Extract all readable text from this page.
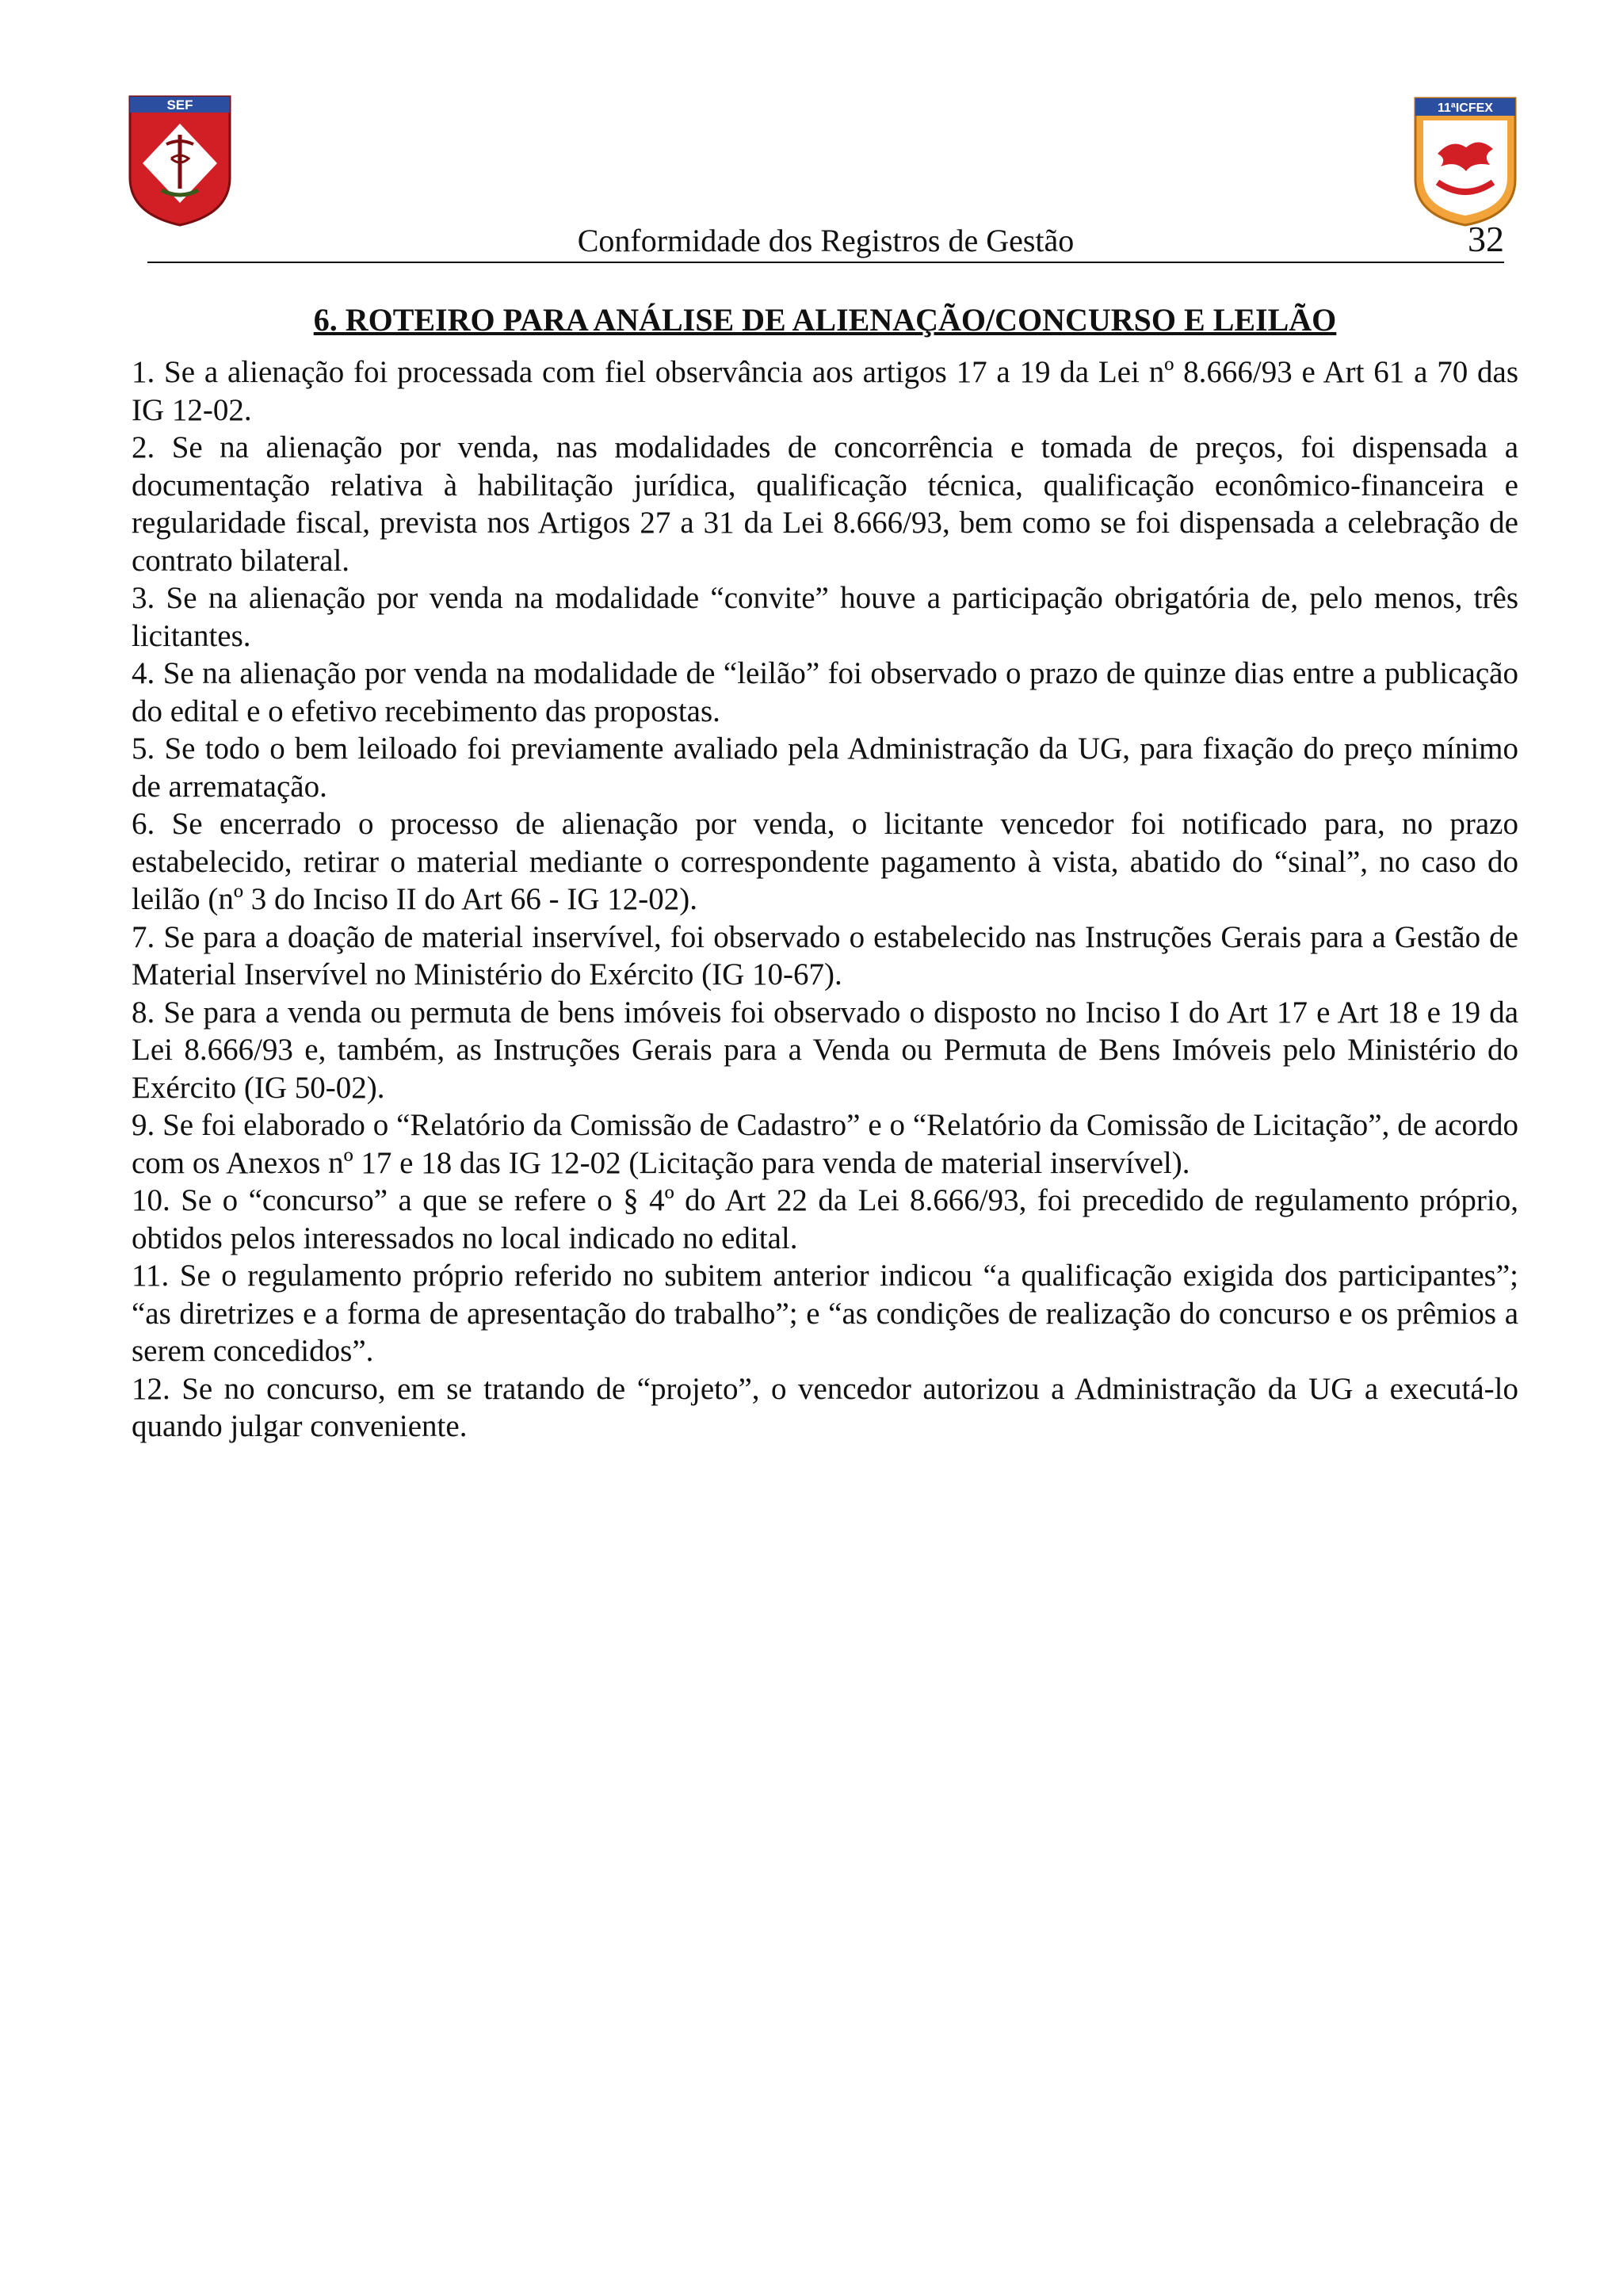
SEF	11ªICFEX
Conformidade dos Registros de Gestão	32
6. ROTEIRO PARA ANÁLISE DE ALIENAÇÃO/CONCURSO E LEILÃO

1. Se a alienação foi processada com fiel observância aos artigos 17 a 19 da Lei nº 8.666/93 e Art 61 a 70 das IG 12-02.

2. Se na alienação por venda, nas modalidades de concorrência e tomada de preços, foi dispensada a documentação relativa à habilitação jurídica, qualificação técnica, qualificação econômico-financeira e regularidade fiscal, prevista nos Artigos 27 a 31 da Lei 8.666/93, bem como se foi dispensada a celebração de contrato bilateral.

3. Se na alienação por venda na modalidade “convite” houve a participação obrigatória de, pelo menos, três licitantes.

4. Se na alienação por venda na modalidade de “leilão” foi observado o prazo de quinze dias entre a publicação do edital e o efetivo recebimento das propostas.

5. Se todo o bem leiloado foi previamente avaliado pela Administração da UG, para fixação do preço mínimo de arrematação.

6. Se encerrado o processo de alienação por venda, o licitante vencedor foi notificado para, no prazo estabelecido, retirar o material mediante o correspondente pagamento à vista, abatido do “sinal”, no caso do leilão (nº 3 do Inciso II do Art 66 - IG 12-02).

7. Se para a doação de material inservível, foi observado o estabelecido nas Instruções Gerais para a Gestão de Material Inservível no Ministério do Exército (IG 10-67).

8. Se para a venda ou permuta de bens imóveis foi observado o disposto no Inciso I do Art 17 e Art 18 e 19 da Lei 8.666/93 e, também, as Instruções Gerais para a Venda ou Permuta de Bens Imóveis pelo Ministério do Exército (IG 50-02).

9. Se foi elaborado o “Relatório da Comissão de Cadastro” e o “Relatório da Comissão de Licitação”, de acordo com os Anexos nº 17 e 18 das IG 12-02 (Licitação para venda de material inservível).

10. Se o “concurso” a que se refere o § 4º do Art 22 da Lei 8.666/93, foi precedido de regulamento próprio, obtidos pelos interessados no local indicado no edital.

11. Se o regulamento próprio referido no subitem anterior indicou “a qualificação exigida dos participantes”; “as diretrizes e a forma de apresentação do trabalho”; e “as condições de realização do concurso e os prêmios a serem concedidos”.

12. Se no concurso, em se tratando de “projeto”, o vencedor autorizou a Administração da UG a executá-lo quando julgar conveniente.
